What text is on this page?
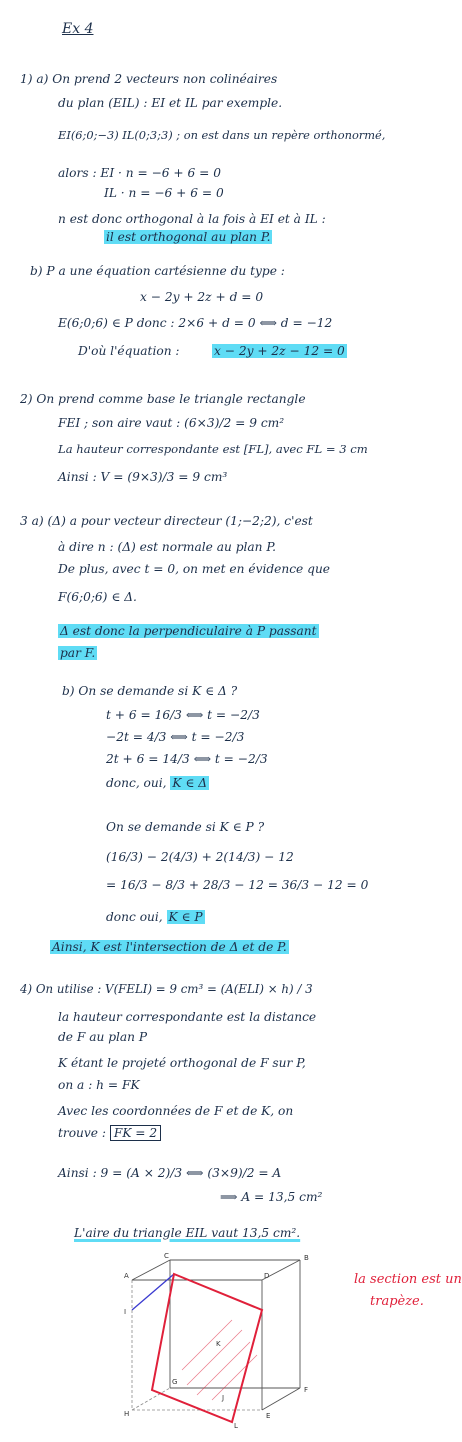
Ex 4
1) a) On prend 2 vecteurs non colinéaires
du plan (EIL) : EI et IL par exemple.
EI(6;0;−3) IL(0;3;3) ; on est dans un repère orthonormé,
alors : EI · n = −6 + 6 = 0
IL · n = −6 + 6 = 0
n est donc orthogonal à la fois à EI et à IL :
il est orthogonal au plan P.
b) P a une équation cartésienne du type :
x − 2y + 2z + d = 0
E(6;0;6) ∈ P donc : 2×6 + d = 0 ⟺ d = −12
D'où l'équation :	x − 2y + 2z − 12 = 0
2) On prend comme base le triangle rectangle
FEI ; son aire vaut : (6×3)/2 = 9 cm²
La hauteur correspondante est [FL], avec FL = 3 cm
Ainsi : V = (9×3)/3 = 9 cm³
3 a) (Δ) a pour vecteur directeur (1;−2;2), c'est
à dire n : (Δ) est normale au plan P.
De plus, avec t = 0, on met en évidence que
F(6;0;6) ∈ Δ.
Δ est donc la perpendiculaire à P passant
par F.
b) On se demande si K ∈ Δ ?
t + 6 = 16/3 ⟺ t = −2/3
−2t = 4/3 ⟺ t = −2/3
2t + 6 = 14/3 ⟺ t = −2/3
donc, oui, K ∈ Δ
On se demande si K ∈ P ?
(16/3) − 2(4/3) + 2(14/3) − 12
= 16/3 − 8/3 + 28/3 − 12 = 36/3 − 12 = 0
donc oui, K ∈ P
Ainsi, K est l'intersection de Δ et de P.
4) On utilise : V(FELI) = 9 cm³ = (A(ELI) × h) / 3
la hauteur correspondante est la distance
de F au plan P
K étant le projeté orthogonal de F sur P,
on a : h = FK
Avec les coordonnées de F et de K, on
trouve : FK = 2
Ainsi : 9 = (A × 2)/3 ⟺ (3×9)/2 = A
⟹ A = 13,5 cm²
L'aire du triangle EIL vaut 13,5 cm².
A
B
C
D
E
F
G
H
I
J
K
L
la section est un
trapèze.
